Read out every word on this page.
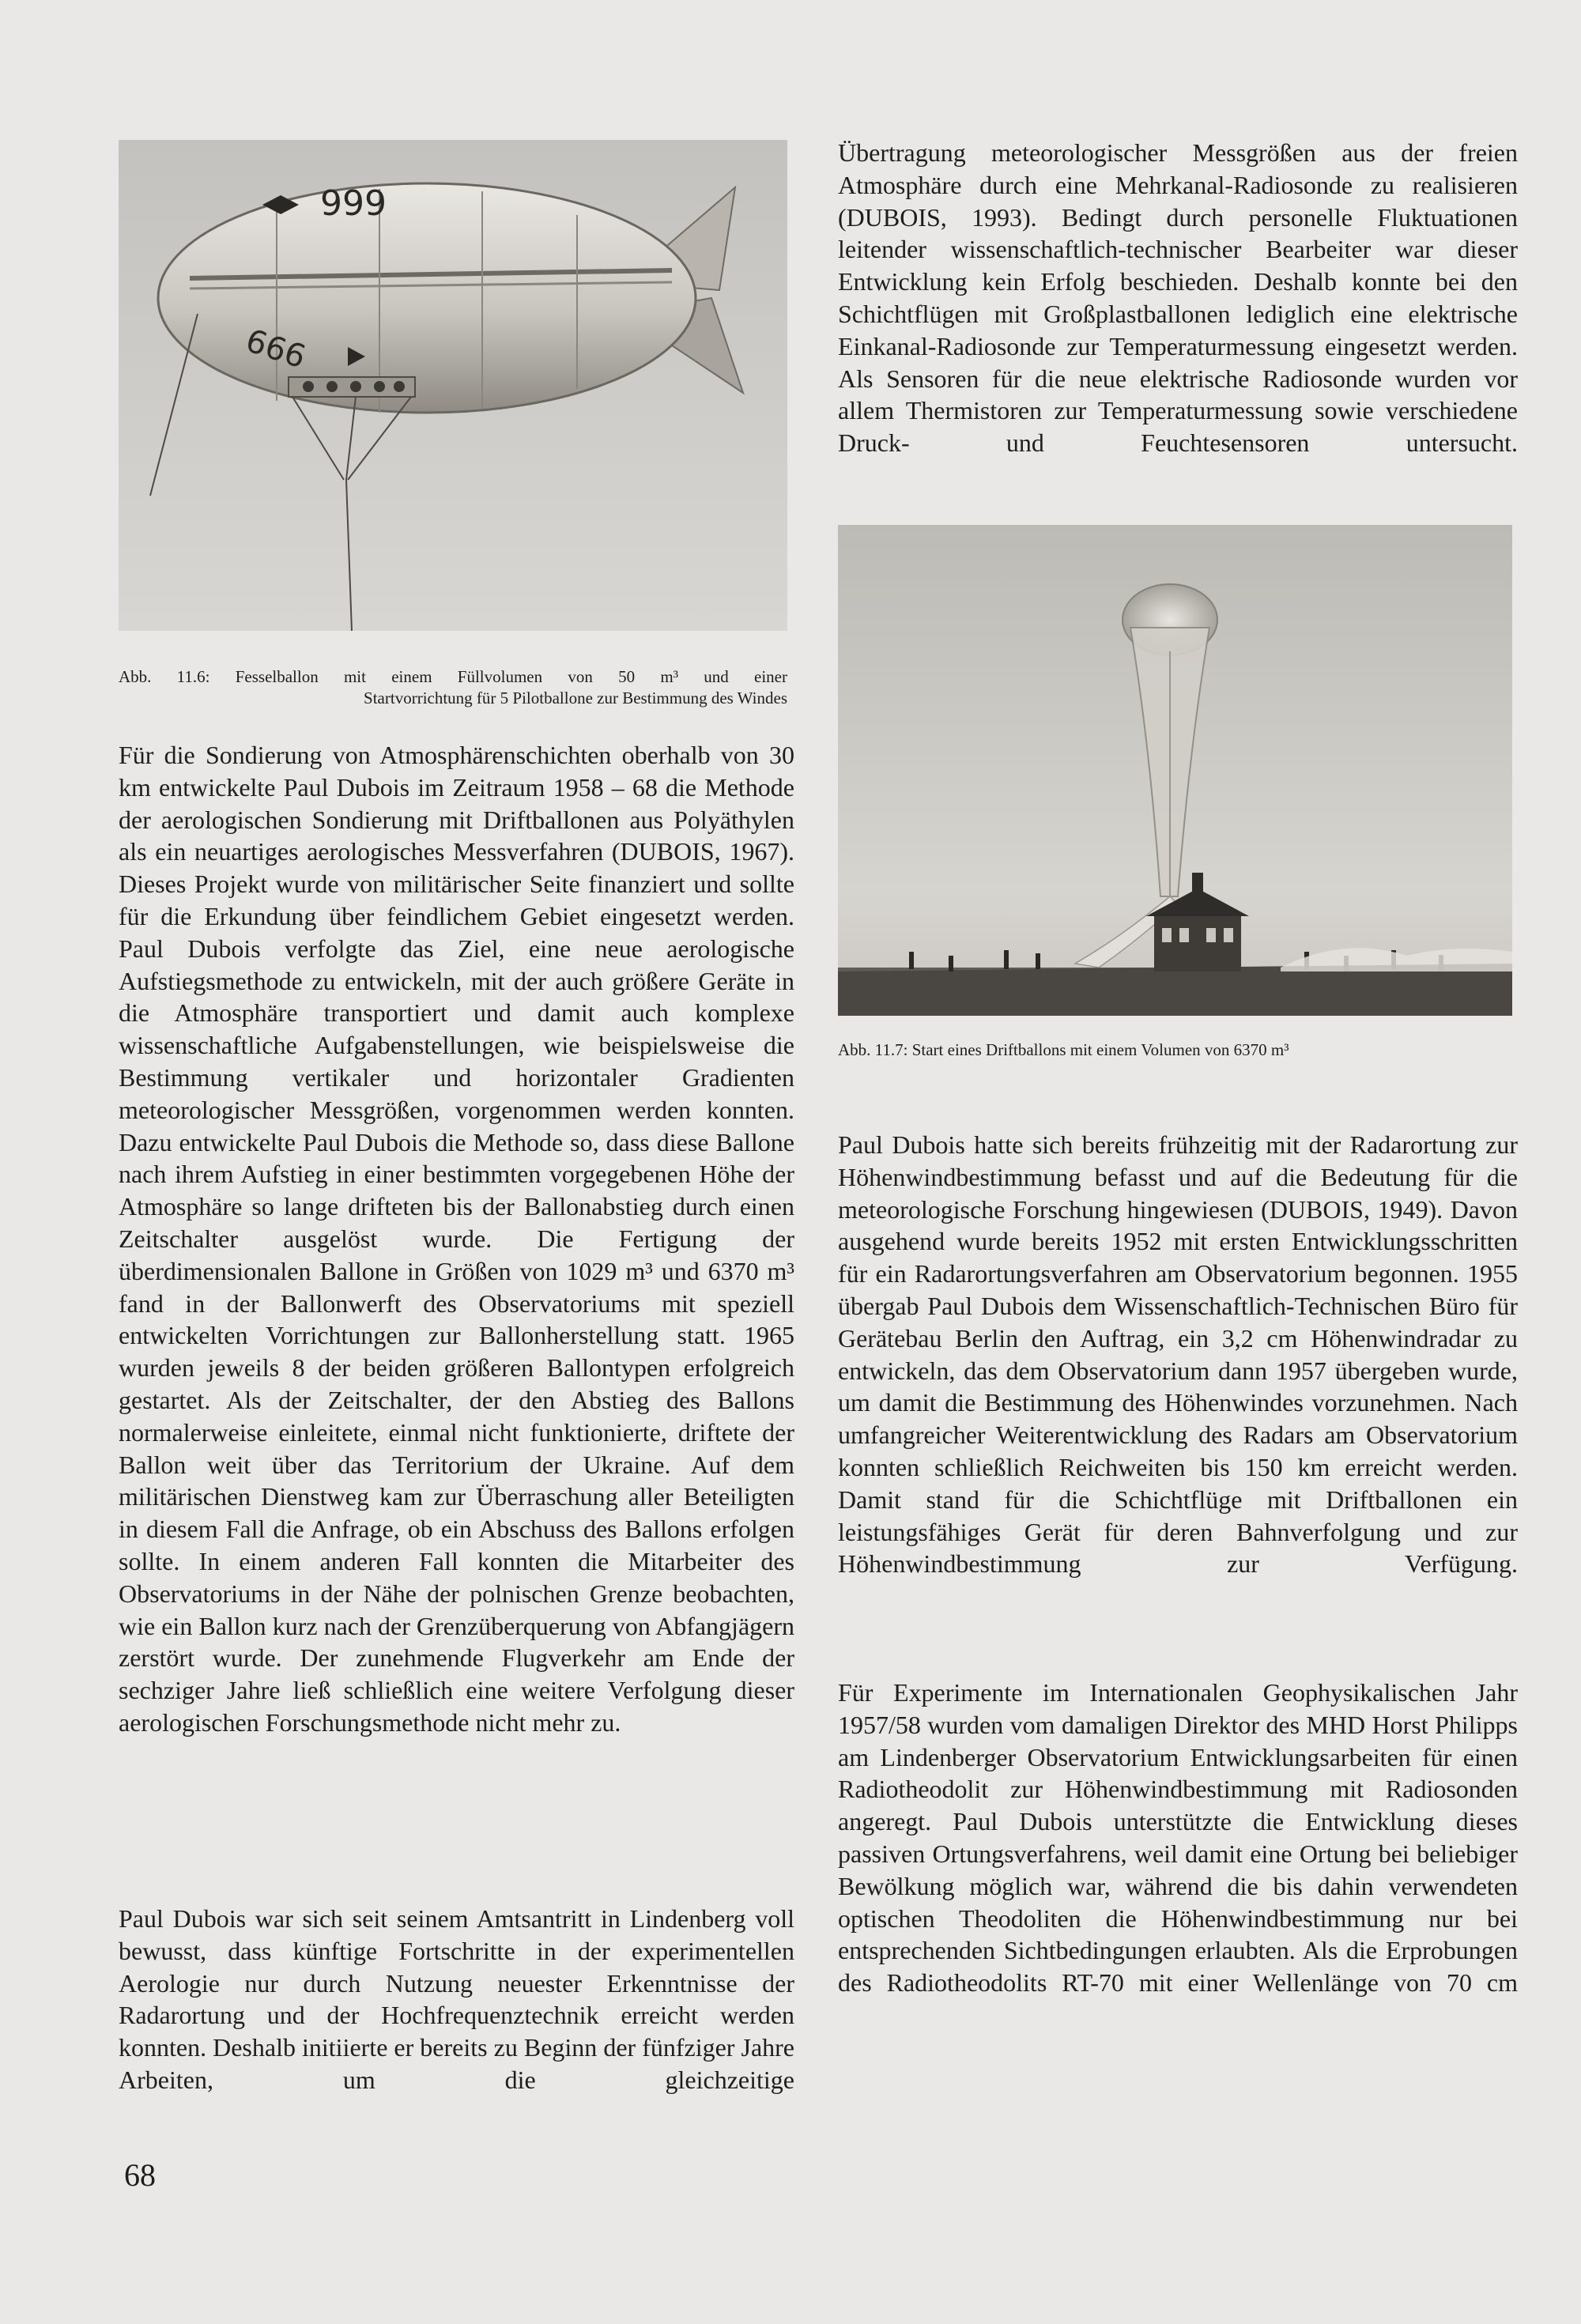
999
666

Abb. 11.6: Fesselballon mit einem Füllvolumen von 50 m³ und einer

Startvorrichtung für 5 Pilotballone zur Bestimmung des Windes

Abb. 11.7: Start eines Driftballons mit einem Volumen von 6370 m³

Übertragung meteorologischer Messgrößen aus der freien Atmosphäre durch eine Mehrkanal-Radiosonde zu realisieren (DUBOIS, 1993). Bedingt durch personelle Fluktuationen leitender wissenschaftlich-technischer Bearbeiter war dieser Entwicklung kein Erfolg beschieden. Deshalb konnte bei den Schichtflügen mit Großplastballonen lediglich eine elektrische Einkanal-Radiosonde zur Temperaturmessung eingesetzt werden. Als Sensoren für die neue elektrische Radiosonde wurden vor allem Thermistoren zur Temperaturmessung sowie verschiedene Druck- und Feuchtesensoren untersucht.

Paul Dubois hatte sich bereits frühzeitig mit der Radarortung zur Höhenwindbestimmung befasst und auf die Bedeutung für die meteorologische Forschung hingewiesen (DUBOIS, 1949). Davon ausgehend wurde bereits 1952 mit ersten Entwicklungsschritten für ein Radarortungsverfahren am Observatorium begonnen. 1955 übergab Paul Dubois dem Wissenschaftlich-Technischen Büro für Gerätebau Berlin den Auftrag, ein 3,2 cm Höhenwindradar zu entwickeln, das dem Observatorium dann 1957 übergeben wurde, um damit die Bestimmung des Höhenwindes vorzunehmen. Nach umfangreicher Weiterentwicklung des Radars am Observatorium konnten schließlich Reichweiten bis 150 km erreicht werden. Damit stand für die Schichtflüge mit Driftballonen ein leistungsfähiges Gerät für deren Bahnverfolgung und zur Höhenwindbestimmung zur Verfügung.

Für Experimente im Internationalen Geophysikalischen Jahr 1957/58 wurden vom damaligen Direktor des MHD Horst Philipps am Lindenberger Observatorium Entwicklungsarbeiten für einen Radiotheodolit zur Höhenwindbestimmung mit Radiosonden angeregt. Paul Dubois unterstützte die Entwicklung dieses passiven Ortungsverfahrens, weil damit eine Ortung bei beliebiger Bewölkung möglich war, während die bis dahin verwendeten optischen Theodoliten die Höhenwindbestimmung nur bei entsprechenden Sichtbedingungen erlaubten. Als die Erprobungen des Radiotheodolits RT-70 mit einer Wellenlänge von 70 cm

Für die Sondierung von Atmosphärenschichten oberhalb von 30 km entwickelte Paul Dubois im Zeitraum 1958 – 68 die Methode der aerologischen Sondierung mit Driftballonen aus Polyäthylen als ein neuartiges aerologisches Messverfahren (DUBOIS, 1967). Dieses Projekt wurde von militärischer Seite finanziert und sollte für die Erkundung über feindlichem Gebiet eingesetzt werden. Paul Dubois verfolgte das Ziel, eine neue aerologische Aufstiegsmethode zu entwickeln, mit der auch größere Geräte in die Atmosphäre transportiert und damit auch komplexe wissenschaftliche Aufgabenstellungen, wie beispielsweise die Bestimmung vertikaler und horizontaler Gradienten meteorologischer Messgrößen, vorgenommen werden konnten. Dazu entwickelte Paul Dubois die Methode so, dass diese Ballone nach ihrem Aufstieg in einer bestimmten vorgegebenen Höhe der Atmosphäre so lange drifteten bis der Ballonabstieg durch einen Zeitschalter ausgelöst wurde. Die Fertigung der überdimensionalen Ballone in Größen von 1029 m³ und 6370 m³ fand in der Ballonwerft des Observatoriums mit speziell entwickelten Vorrichtungen zur Ballonherstellung statt. 1965 wurden jeweils 8 der beiden größeren Ballontypen erfolgreich gestartet. Als der Zeitschalter, der den Abstieg des Ballons normalerweise einleitete, einmal nicht funktionierte, driftete der Ballon weit über das Territorium der Ukraine. Auf dem militärischen Dienstweg kam zur Überraschung aller Beteiligten in diesem Fall die Anfrage, ob ein Abschuss des Ballons erfolgen sollte. In einem anderen Fall konnten die Mitarbeiter des Observatoriums in der Nähe der polnischen Grenze beobachten, wie ein Ballon kurz nach der Grenzüberquerung von Abfangjägern zerstört wurde. Der zunehmende Flugverkehr am Ende der sechziger Jahre ließ schließlich eine weitere Verfolgung dieser aerologischen Forschungsmethode nicht mehr zu.

Paul Dubois war sich seit seinem Amtsantritt in Lindenberg voll bewusst, dass künftige Fortschritte in der experimentellen Aerologie nur durch Nutzung neuester Erkenntnisse der Radarortung und der Hochfrequenztechnik erreicht werden konnten. Deshalb initiierte er bereits zu Beginn der fünfziger Jahre Arbeiten, um die gleichzeitige

68
